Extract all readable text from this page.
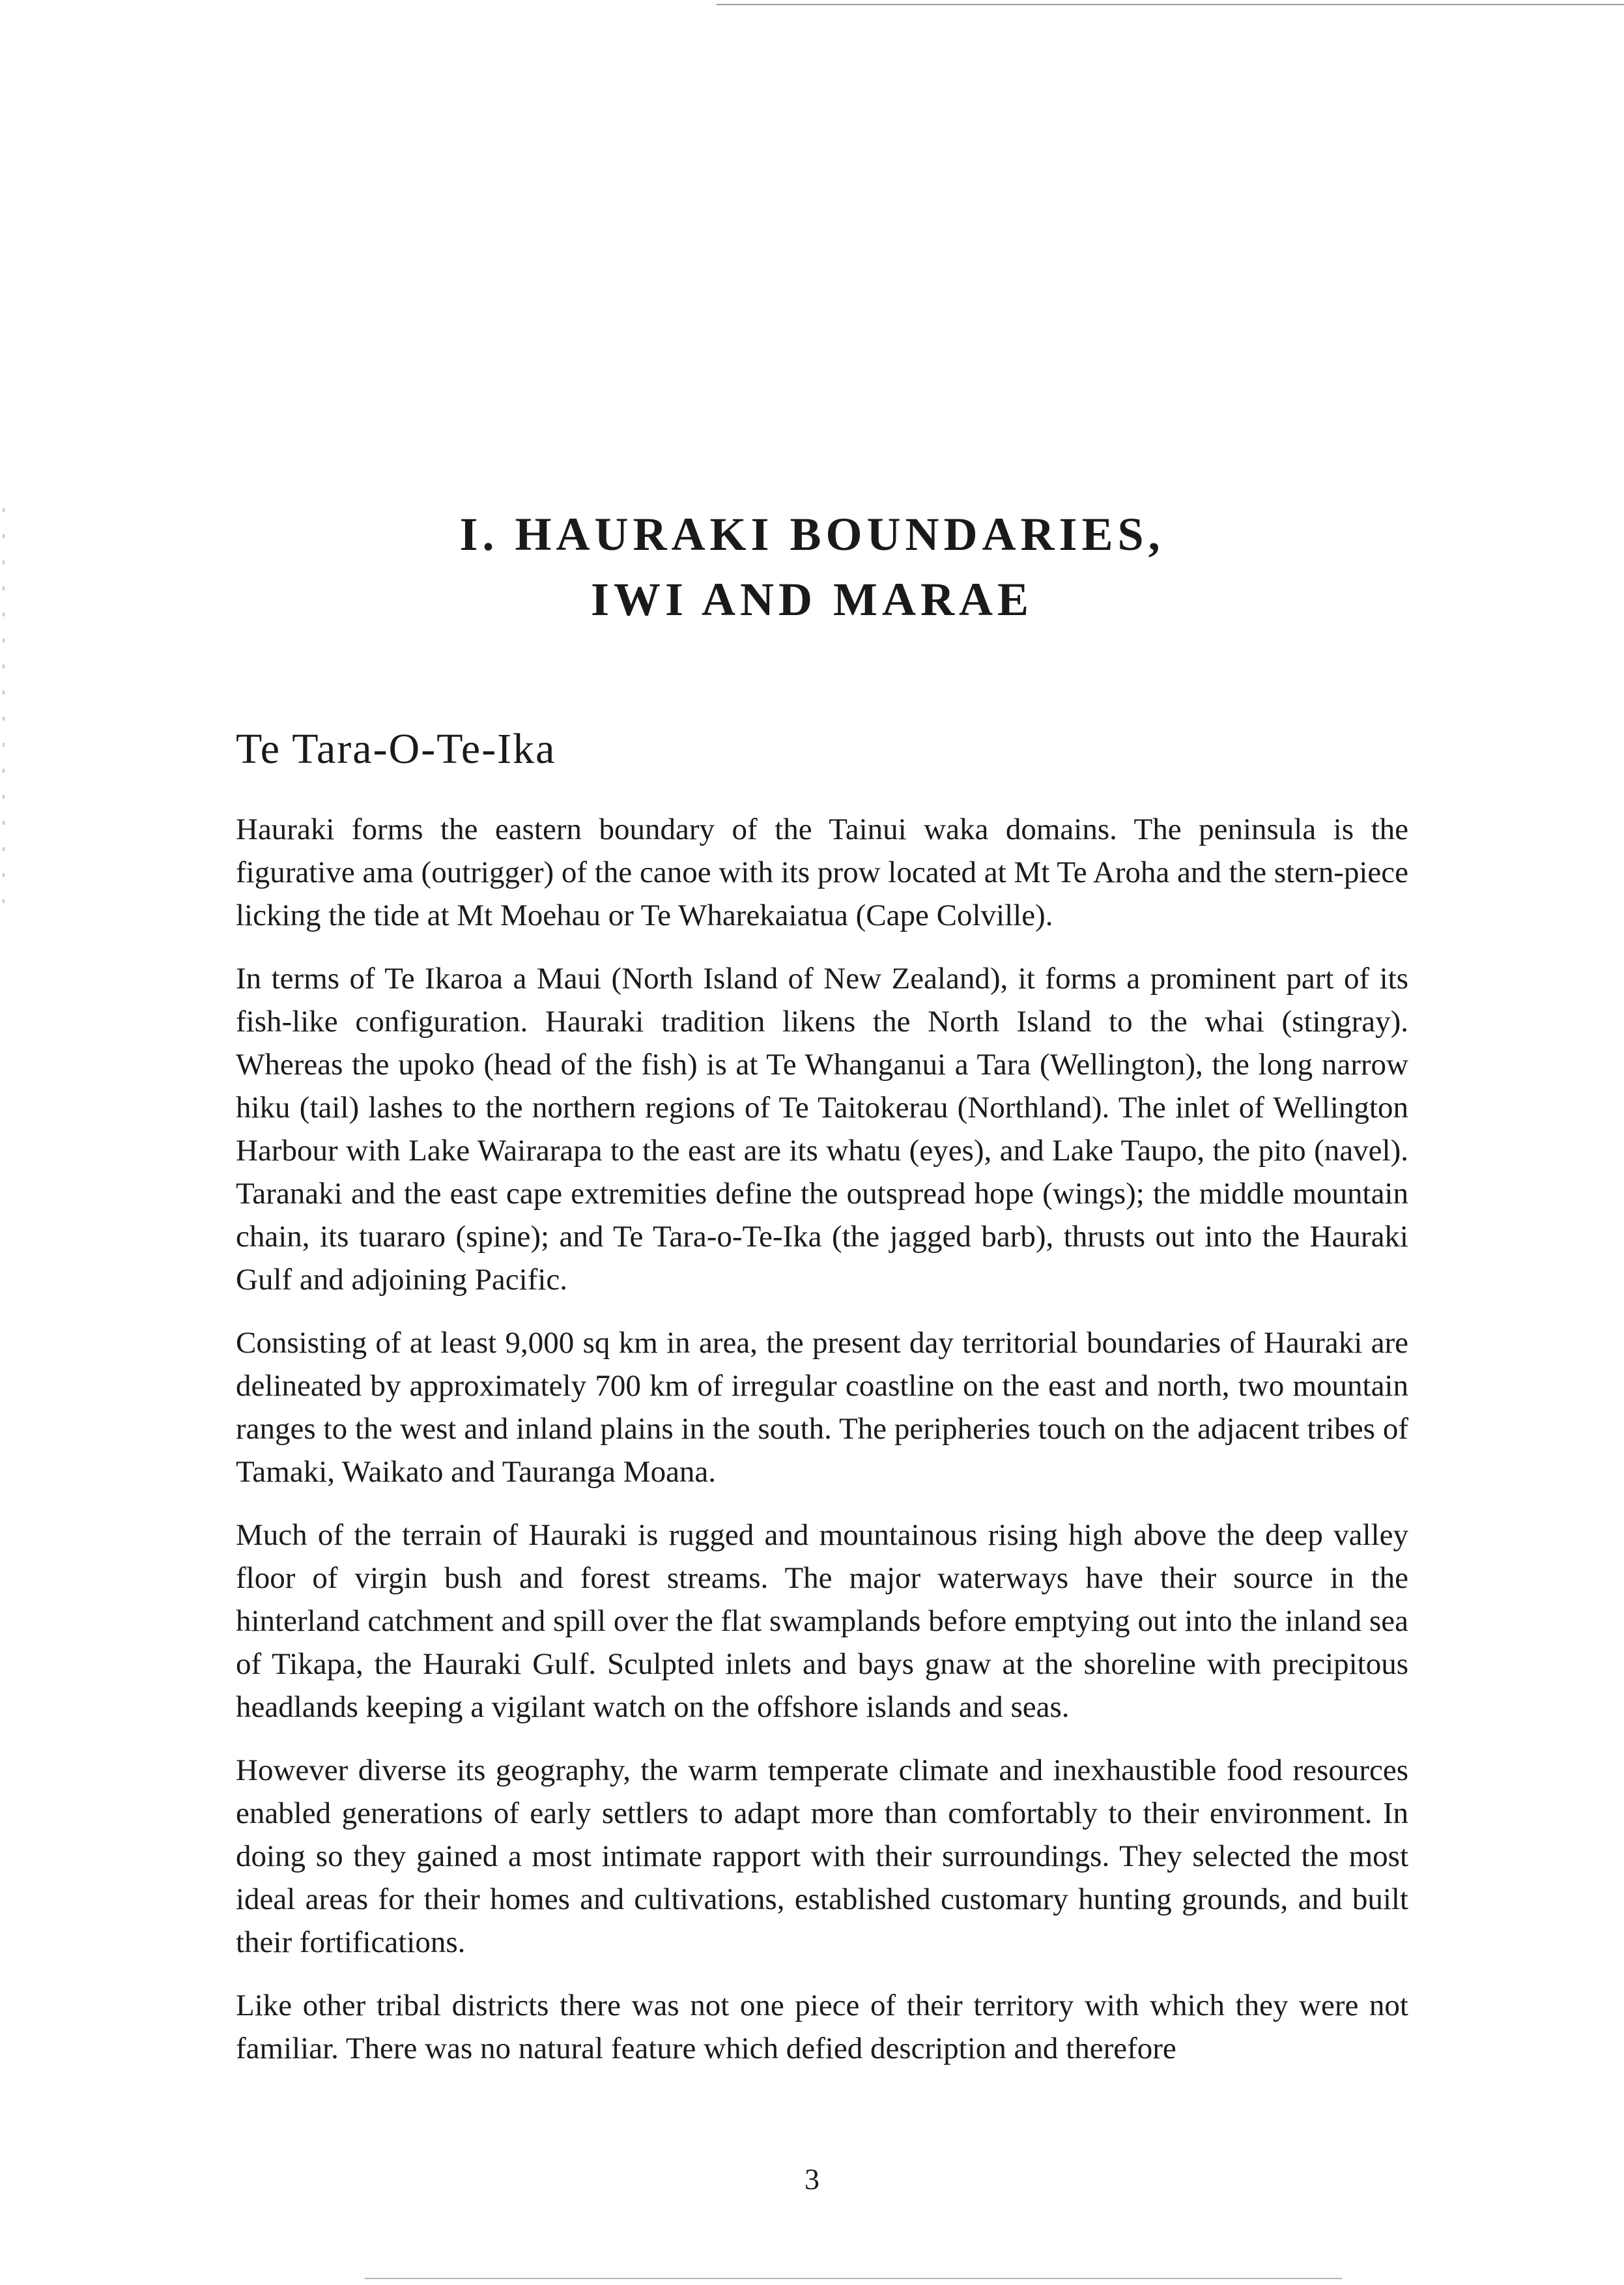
I. HAURAKI BOUNDARIES,
IWI AND MARAE
Te Tara-O-Te-Ika

Hauraki forms the eastern boundary of the Tainui waka domains. The peninsula is the figurative ama (outrigger) of the canoe with its prow located at Mt Te Aroha and the stern-piece licking the tide at Mt Moehau or Te Wharekaiatua (Cape Colville).

In terms of Te Ikaroa a Maui (North Island of New Zealand), it forms a prominent part of its fish-like configuration. Hauraki tradition likens the North Island to the whai (stingray). Whereas the upoko (head of the fish) is at Te Whanganui a Tara (Wellington), the long narrow hiku (tail) lashes to the northern regions of Te Taitokerau (Northland). The inlet of Wellington Harbour with Lake Wairarapa to the east are its whatu (eyes), and Lake Taupo, the pito (navel). Taranaki and the east cape extremities define the outspread hope (wings); the middle mountain chain, its tuararo (spine); and Te Tara-o-Te-Ika (the jagged barb), thrusts out into the Hauraki Gulf and adjoining Pacific.

Consisting of at least 9,000 sq km in area, the present day territorial boundaries of Hauraki are delineated by approximately 700 km of irregular coastline on the east and north, two mountain ranges to the west and inland plains in the south. The peripheries touch on the adjacent tribes of Tamaki, Waikato and Tauranga Moana.

Much of the terrain of Hauraki is rugged and mountainous rising high above the deep valley floor of virgin bush and forest streams. The major waterways have their source in the hinterland catchment and spill over the flat swamplands before emptying out into the inland sea of Tikapa, the Hauraki Gulf. Sculpted inlets and bays gnaw at the shoreline with precipitous headlands keeping a vigilant watch on the offshore islands and seas.

However diverse its geography, the warm temperate climate and inexhaustible food resources enabled generations of early settlers to adapt more than comfortably to their environment. In doing so they gained a most intimate rapport with their surroundings. They selected the most ideal areas for their homes and cultivations, established customary hunting grounds, and built their fortifications.

Like other tribal districts there was not one piece of their territory with which they were not familiar. There was no natural feature which defied description and therefore

3
